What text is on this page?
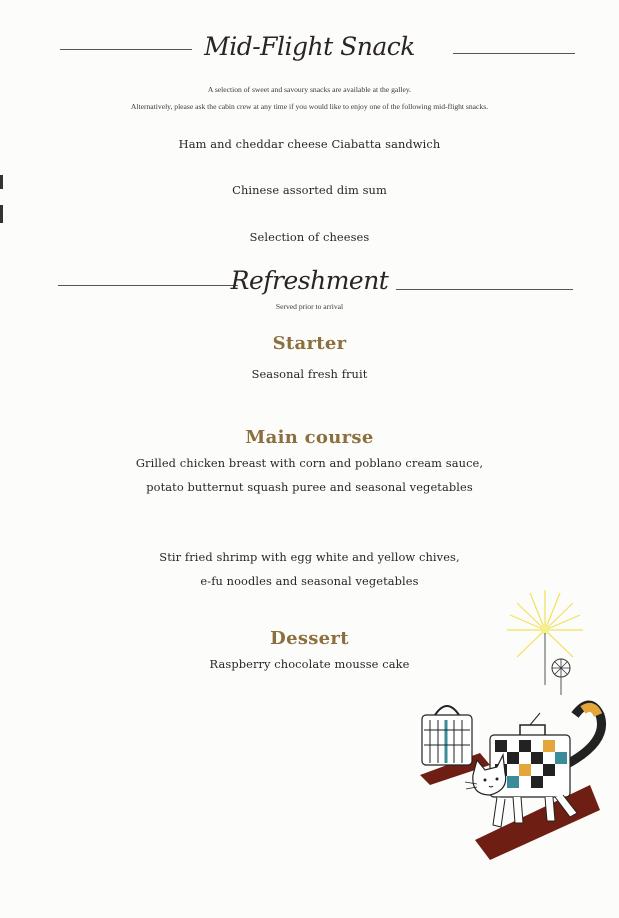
Mid-Flight Snack
A selection of sweet and savoury snacks are available at the galley.
Alternatively, please ask the cabin crew at any time if you would like to enjoy one of the following mid-flight snacks.
Ham and cheddar cheese Ciabatta sandwich
Chinese assorted dim sum
Selection of cheeses
Refreshment
Served prior to arrival
Starter
Seasonal fresh fruit
Main course
Grilled chicken breast with corn and poblano cream sauce,
potato butternut squash puree and seasonal vegetables
Stir fried shrimp with egg white and yellow chives,
e-fu noodles and seasonal vegetables
Dessert
Raspberry chocolate mousse cake
